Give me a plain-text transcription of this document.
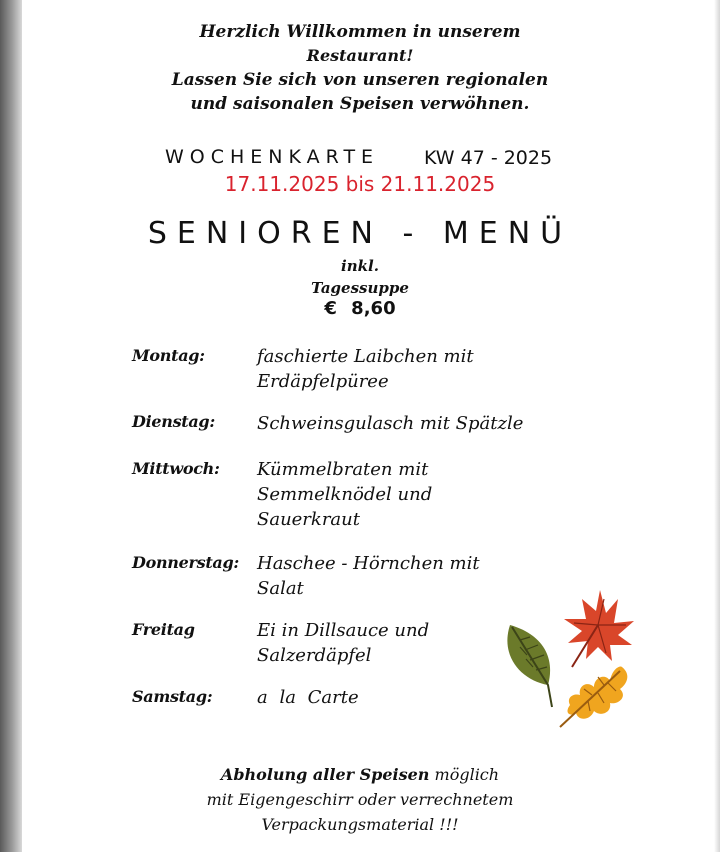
Herzlich Willkommen in unserem
Restaurant!
Lassen Sie sich von unseren regionalen
und saisonalen Speisen verwöhnen.
WOCHENKARTE KW 47 - 2025
17.11.2025 bis 21.11.2025
SENIOREN - MENÜ
inkl.
Tagessuppe
€ 8,60
Montag:	faschierte Laibchen mit
Erdäpfelpüree
Dienstag: Schweinsgulasch mit Spätzle
Mittwoch: Kümmelbraten mit
Semmelknödel und
Sauerkraut
Donnerstag: Haschee - Hörnchen mit
Salat
Freitag	Ei in Dillsauce und
Salzerdäpfel
Samstag: a la Carte
Abholung aller Speisen möglich
mit Eigengeschirr oder verrechnetem
Verpackungsmaterial !!!
